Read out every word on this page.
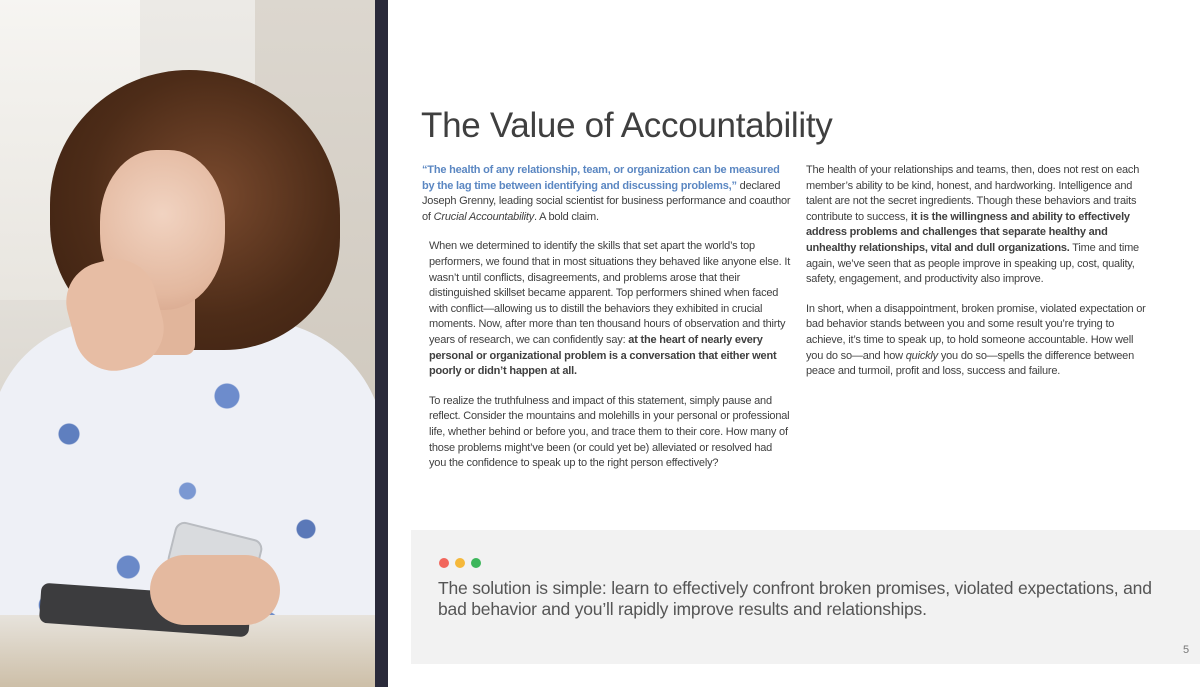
The Value of Accountability

“The health of any relationship, team, or organization can be measured by the lag time between identifying and discussing problems,” declared Joseph Grenny, leading social scientist for business performance and coauthor of Crucial Accountability. A bold claim.

When we determined to identify the skills that set apart the world’s top performers, we found that in most situations they behaved like anyone else. It wasn’t until conflicts, disagreements, and problems arose that their distinguished skillset became apparent. Top performers shined when faced with conflict—allowing us to distill the behaviors they exhibited in crucial moments. Now, after more than ten thousand hours of observation and thirty years of research, we can confidently say: at the heart of nearly every personal or organizational problem is a conversation that either went poorly or didn’t happen at all.

To realize the truthfulness and impact of this statement, simply pause and reflect. Consider the mountains and molehills in your personal or professional life, whether behind or before you, and trace them to their core. How many of those problems might’ve been (or could yet be) alleviated or resolved had you the confidence to speak up to the right person effectively?

The health of your relationships and teams, then, does not rest on each member’s ability to be kind, honest, and hardworking. Intelligence and talent are not the secret ingredients. Though these behaviors and traits contribute to success, it is the willingness and ability to effectively address problems and challenges that separate healthy and unhealthy relationships, vital and dull organizations. Time and time again, we’ve seen that as people improve in speaking up, cost, quality, safety, engagement, and productivity also improve.

In short, when a disappointment, broken promise, violated expectation or bad behavior stands between you and some result you’re trying to achieve, it’s time to speak up, to hold someone accountable. How well you do so—and how quickly you do so—spells the difference between peace and turmoil, profit and loss, success and failure.

The solution is simple: learn to effectively confront broken promises, violated expectations, and bad behavior and you’ll rapidly improve results and relationships.
5
